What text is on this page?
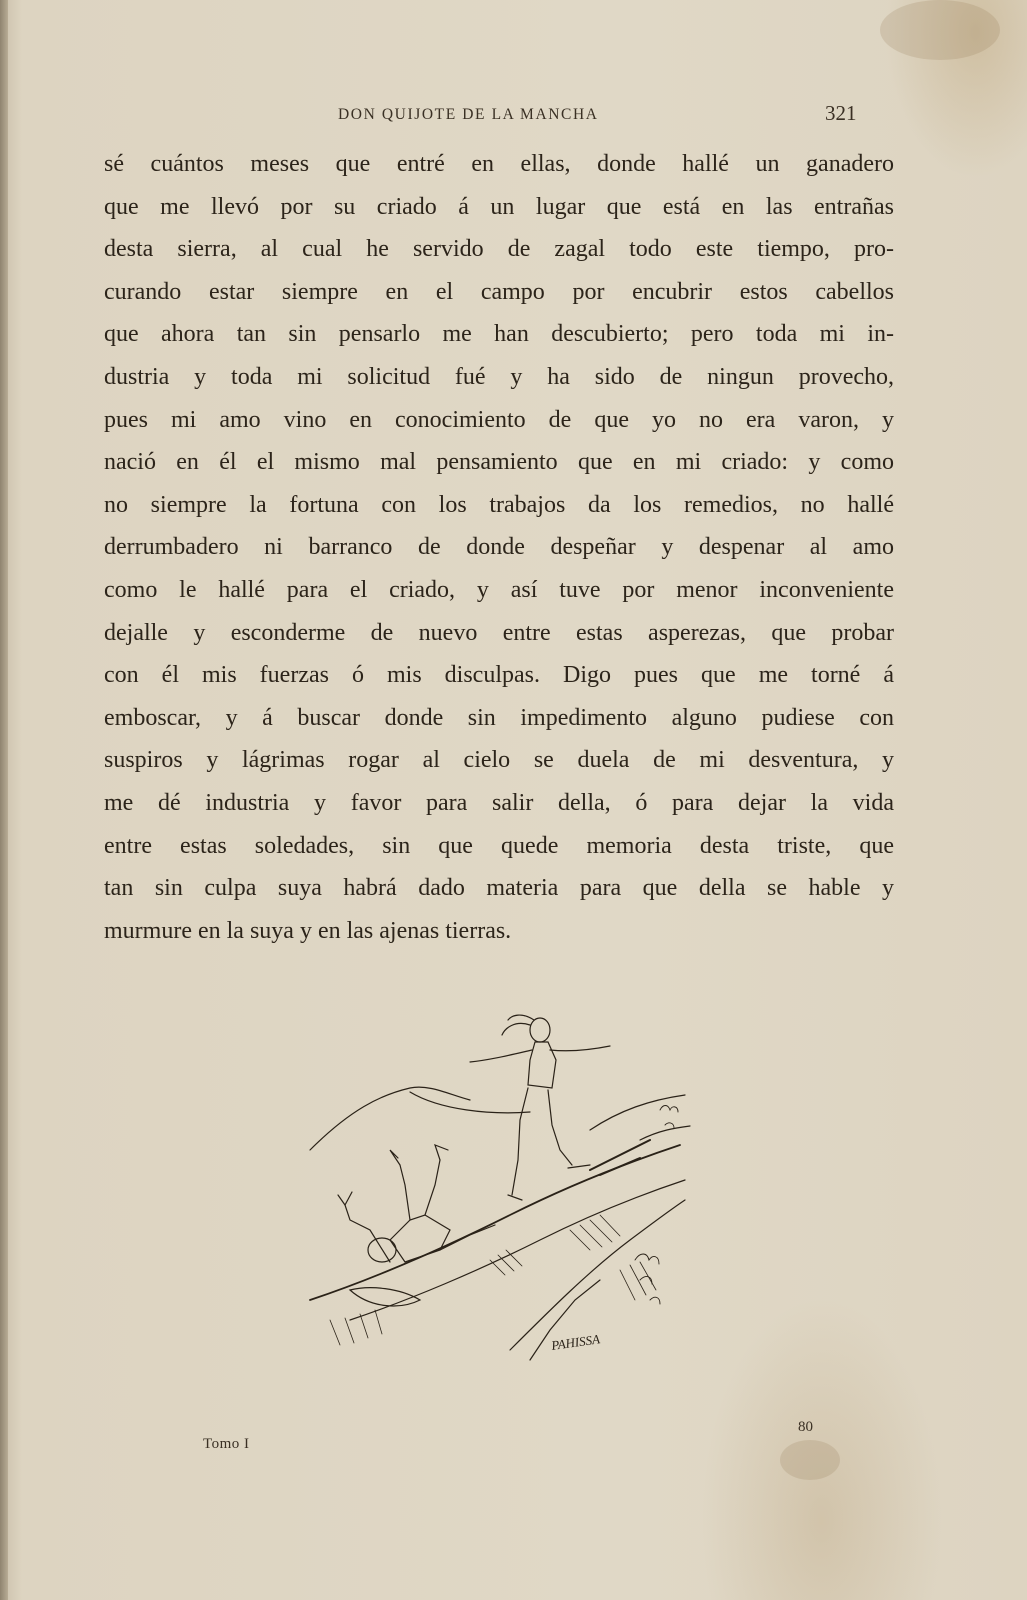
DON QUIJOTE DE LA MANCHA	321
sé cuántos meses que entré en ellas, donde hallé un ganadero
que me llevó por su criado á un lugar que está en las entrañas
desta sierra, al cual he servido de zagal todo este tiempo, pro-
curando estar siempre en el campo por encubrir estos cabellos
que ahora tan sin pensarlo me han descubierto; pero toda mi in-
dustria y toda mi solicitud fué y ha sido de ningun provecho,
pues mi amo vino en conocimiento de que yo no era varon, y
nació en él el mismo mal pensamiento que en mi criado: y como
no siempre la fortuna con los trabajos da los remedios, no hallé
derrumbadero ni barranco de donde despeñar y despenar al amo
como le hallé para el criado, y así tuve por menor inconveniente
dejalle y esconderme de nuevo entre estas asperezas, que probar
con él mis fuerzas ó mis disculpas. Digo pues que me torné á
emboscar, y á buscar donde sin impedimento alguno pudiese con
suspiros y lágrimas rogar al cielo se duela de mi desventura, y
me dé industria y favor para salir della, ó para dejar la vida
entre estas soledades, sin que quede memoria desta triste, que
tan sin culpa suya habrá dado materia para que della se hable y
murmure en la suya y en las ajenas tierras.
PAHISSA
Tomo I
80
